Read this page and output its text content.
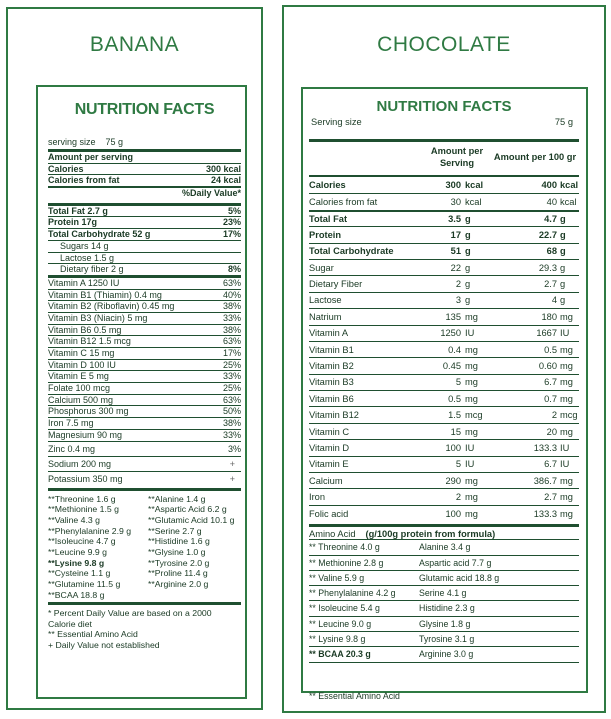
BANANA
NUTRITION FACTS
serving size 75 g
Amount per serving
Calories	300 kcal
Calories from fat	24 kcal
%Daily Value*
Total Fat 2.7 g	5%
Protein 17g	23%
Total Carbohydrate 52 g	17%
Sugars 14 g
Lactose 1.5 g
Dietary fiber 2 g	8%
Vitamin A 1250 IU	63%
Vitamin B1 (Thiamin) 0.4 mg	40%
Vitamin B2 (Riboflavin) 0.45 mg	38%
Vitamin B3 (Niacin) 5 mg	33%
Vitamin B6 0.5 mg	38%
Vitamin B12 1.5 mcg	63%
Vitamin C 15 mg	17%
Vitamin D 100 IU	25%
Vitamin E 5 mg	33%
Folate 100 mcg	25%
Calcium 500 mg	63%
Phosphorus 300 mg	50%
Iron 7.5 mg	38%
Magnesium 90 mg	33%
Zinc 0.4 mg	3%
Sodium 200 mg	+
Potassium 350 mg	+
**Threonine 1.6 g	**Alanine 1.4 g
**Methionine 1.5 g	**Aspartic Acid 6.2 g
**Valine 4.3 g	**Glutamic Acid 10.1 g
**Phenylalanine 2.9 g	**Serine 2.7 g
**Isoleucine 4.7 g	**Histidine 1.6 g
**Leucine 9.9 g	**Glysine 1.0 g
**Lysine 9.8 g	**Tyrosine 2.0 g
**Cysteine 1.1 g	**Proline 11.4 g
**Glutamine 11.5 g	**Arginine 2.0 g
**BCAA 18.8 g
* Percent Daily Value are based on a 2000
Calorie diet
** Essential Amino Acid
+ Daily Value not established
CHOCOLATE
NUTRITION FACTS
Serving size	75 g
Amount per Serving
Amount per 100 gr
Calories	300 kcal	400 kcal
Calories from fat	30 kcal	40 kcal
Total Fat	3.5 g	4.7 g
Protein	17 g	22.7 g
Total Carbohydrate	51 g	68 g
Sugar	22 g	29.3 g
Dietary Fiber	2 g	2.7 g
Lactose	3 g	4 g
Natrium	135 mg	180 mg
Vitamin A	1250 IU	1667 IU
Vitamin B1	0.4 mg	0.5 mg
Vitamin B2	0.45 mg	0.60 mg
Vitamin B3	5 mg	6.7 mg
Vitamin B6	0.5 mg	0.7 mg
Vitamin B12	1.5 mcg	2 mcg
Vitamin C	15 mg	20 mg
Vitamin D	100 IU	133.3 IU
Vitamin E	5 IU	6.7 IU
Calcium	290 mg	386.7 mg
Iron	2 mg	2.7 mg
Folic acid	100 mg	133.3 mg
Amino Acid (g/100g protein from formula)
** Threonine 4.0 g	Alanine 3.4 g
** Methionine 2.8 g	Aspartic acid 7.7 g
** Valine 5.9 g	Glutamic acid 18.8 g
** Phenylalanine 4.2 g	Serine 4.1 g
** Isoleucine 5.4 g	Histidine 2.3 g
** Leucine 9.0 g	Glysine 1.8 g
** Lysine 9.8 g	Tyrosine 3.1 g
** BCAA 20.3 g	Arginine 3.0 g
** Essential Amino Acid
